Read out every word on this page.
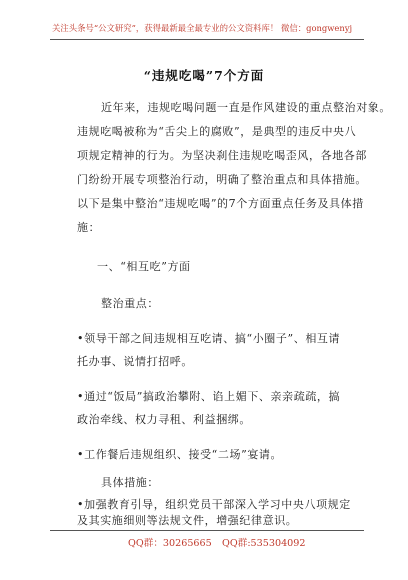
关注头条号“公文研究”，获得最新最全最专业的公文资料库！ 微信：gongwenyj
“违规吃喝”7个方面
近年来，违规吃喝问题一直是作风建设的重点整治对象。
违规吃喝被称为“舌尖上的腐败”，是典型的违反中央八
项规定精神的行为。为坚决刹住违规吃喝歪风，各地各部
门纷纷开展专项整治行动，明确了整治重点和具体措施。
以下是集中整治“违规吃喝”的7个方面重点任务及具体措
施：
一、“相互吃”方面
整治重点：
•领导干部之间违规相互吃请、搞“小圈子”、相互请
托办事、说情打招呼。
•通过“饭局”搞政治攀附、谄上媚下、亲亲疏疏，搞
政治牵线、权力寻租、利益捆绑。
•工作餐后违规组织、接受“二场”宴请。
具体措施：
•加强教育引导，组织党员干部深入学习中央八项规定
及其实施细则等法规文件，增强纪律意识。
QQ群：30265665 QQ群:535304092
